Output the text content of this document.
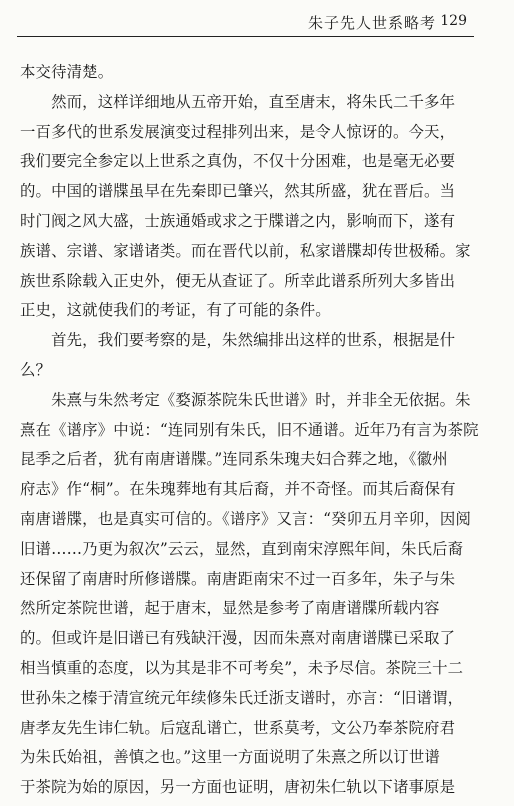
朱子先人世系略考 129
本交待清楚。
　　然而，这样详细地从五帝开始，直至唐末，将朱氏二千多年
一百多代的世系发展演变过程排列出来，是令人惊讶的。今天，
我们要完全参定以上世系之真伪，不仅十分困难，也是毫无必要
的。中国的谱牒虽早在先秦即已肇兴，然其所盛，犹在晋后。当
时门阀之风大盛，士族通婚或求之于牒谱之内，影响而下，遂有
族谱、宗谱、家谱诸类。而在晋代以前，私家谱牒却传世极稀。家
族世系除载入正史外，便无从查证了。所幸此谱系所列大多皆出
正史，这就使我们的考证，有了可能的条件。
　　首先，我们要考察的是，朱然编排出这样的世系，根据是什
么？
　　朱熹与朱然考定《婺源茶院朱氏世谱》时，并非全无依据。朱
熹在《谱序》中说：“连同别有朱氏，旧不通谱。近年乃有言为茶院
昆季之后者，犹有南唐谱牒。”连同系朱瑰夫妇合葬之地，《徽州
府志》作“桐”。在朱瑰葬地有其后裔，并不奇怪。而其后裔保有
南唐谱牒，也是真实可信的。《谱序》又言：“癸卯五月辛卯，因阅
旧谱……乃更为叙次”云云，显然，直到南宋淳熙年间，朱氏后裔
还保留了南唐时所修谱牒。南唐距南宋不过一百多年，朱子与朱
然所定茶院世谱，起于唐末，显然是参考了南唐谱牒所载内容
的。但或许是旧谱已有残缺汗漫，因而朱熹对南唐谱牒已采取了
相当慎重的态度，以为其是非不可考矣”，未予尽信。茶院三十二
世孙朱之榛于清宣统元年续修朱氏迁浙支谱时，亦言：“旧谱谓，
唐孝友先生讳仁轨。后寇乱谱亡，世系莫考，文公乃奉茶院府君
为朱氏始祖，善慎之也。”这里一方面说明了朱熹之所以订世谱
于茶院为始的原因，另一方面也证明，唐初朱仁轨以下诸事原是
